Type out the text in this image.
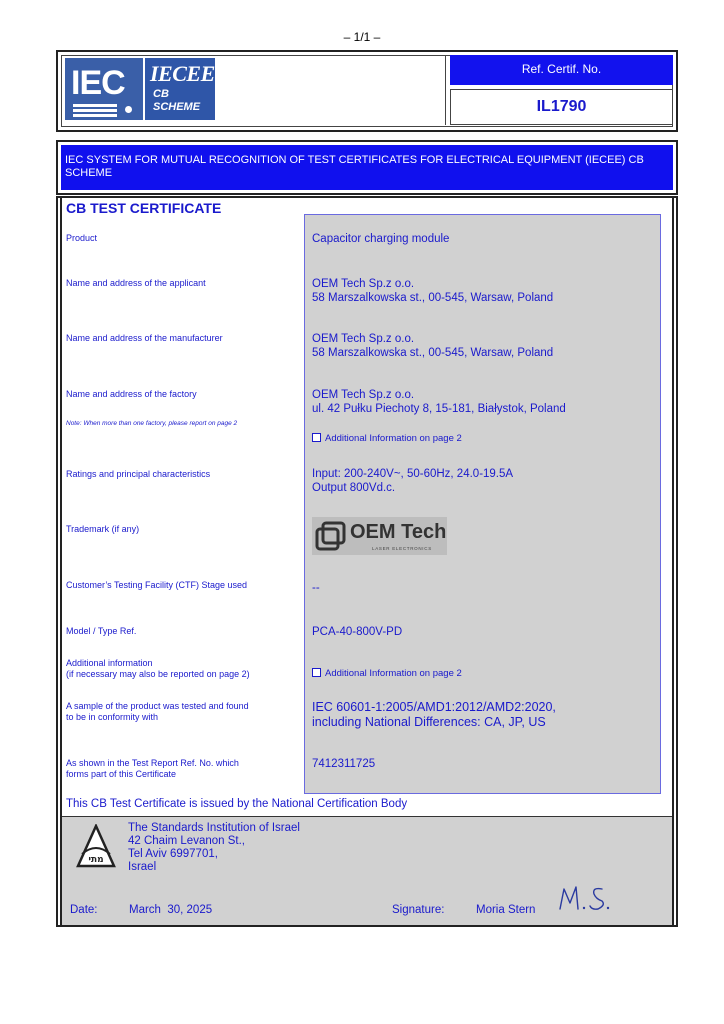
– 1/1 –
IEC IECEE
CB
SCHEME
Ref. Certif. No.
IL1790
IEC SYSTEM FOR MUTUAL RECOGNITION OF TEST CERTIFICATES FOR ELECTRICAL EQUIPMENT (IECEE) CB SCHEME
CB TEST CERTIFICATE
Product	Capacitor charging module
Name and address of the applicant	OEM Tech Sp.z o.o.
58 Marszalkowska st., 00-545, Warsaw, Poland
Name and address of the manufacturer	OEM Tech Sp.z o.o.
58 Marszalkowska st., 00-545, Warsaw, Poland
Name and address of the factory	OEM Tech Sp.z o.o.
ul. 42 Pułku Piechoty 8, 15-181, Białystok, Poland
Note: When more than one factory, please report on page 2
Additional Information on page 2
Ratings and principal characteristics	Input: 200-240V~, 50-60Hz, 24.0-19.5A
Output 800Vd.c.
Trademark (if any)	OEM Tech
LASER ELECTRONICS
Customer’s Testing Facility (CTF) Stage used	--
Model / Type Ref.	PCA-40-800V-PD
Additional information
(if necessary may also be reported on page 2)	Additional Information on page 2
A sample of the product was tested and found
to be in conformity with
IEC 60601-1:2005/AMD1:2012/AMD2:2020,
including National Differences: CA, JP, US
As shown in the Test Report Ref. No. which
forms part of this Certificate
7412311725
This CB Test Certificate is issued by the National Certification Body
מתי
The Standards Institution of Israel
42 Chaim Levanon St.,
Tel Aviv 6997701,
Israel
Date:	March  30, 2025	Signature:	Moria Stern
